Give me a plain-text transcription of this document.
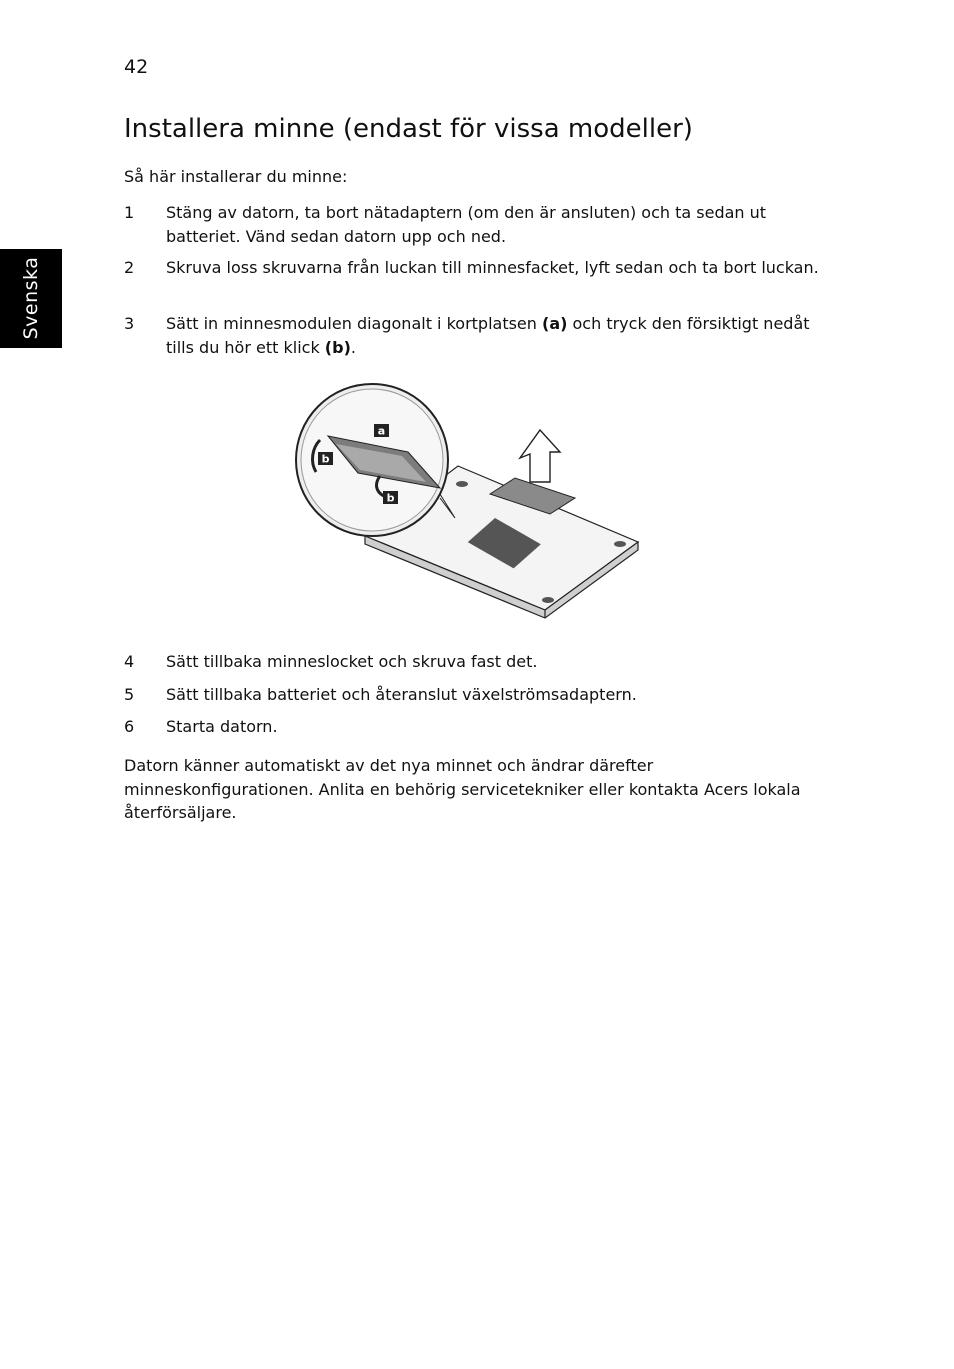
42
Svenska
Installera minne (endast för vissa modeller)

Så här installerar du minne:

1 Stäng av datorn, ta bort nätadaptern (om den är ansluten) och ta sedan ut batteriet. Vänd sedan datorn upp och ned.
2 Skruva loss skruvarna från luckan till minnesfacket, lyft sedan och ta bort luckan.
3 Sätt in minnesmodulen diagonalt i kortplatsen (a) och tryck den försiktigt nedåt tills du hör ett klick (b).
a
b
b
4 Sätt tillbaka minneslocket och skruva fast det.
5 Sätt tillbaka batteriet och återanslut växelströmsadaptern.
6 Starta datorn.

Datorn känner automatiskt av det nya minnet och ändrar därefter minneskonfigurationen. Anlita en behörig servicetekniker eller kontakta Acers lokala återförsäljare.
